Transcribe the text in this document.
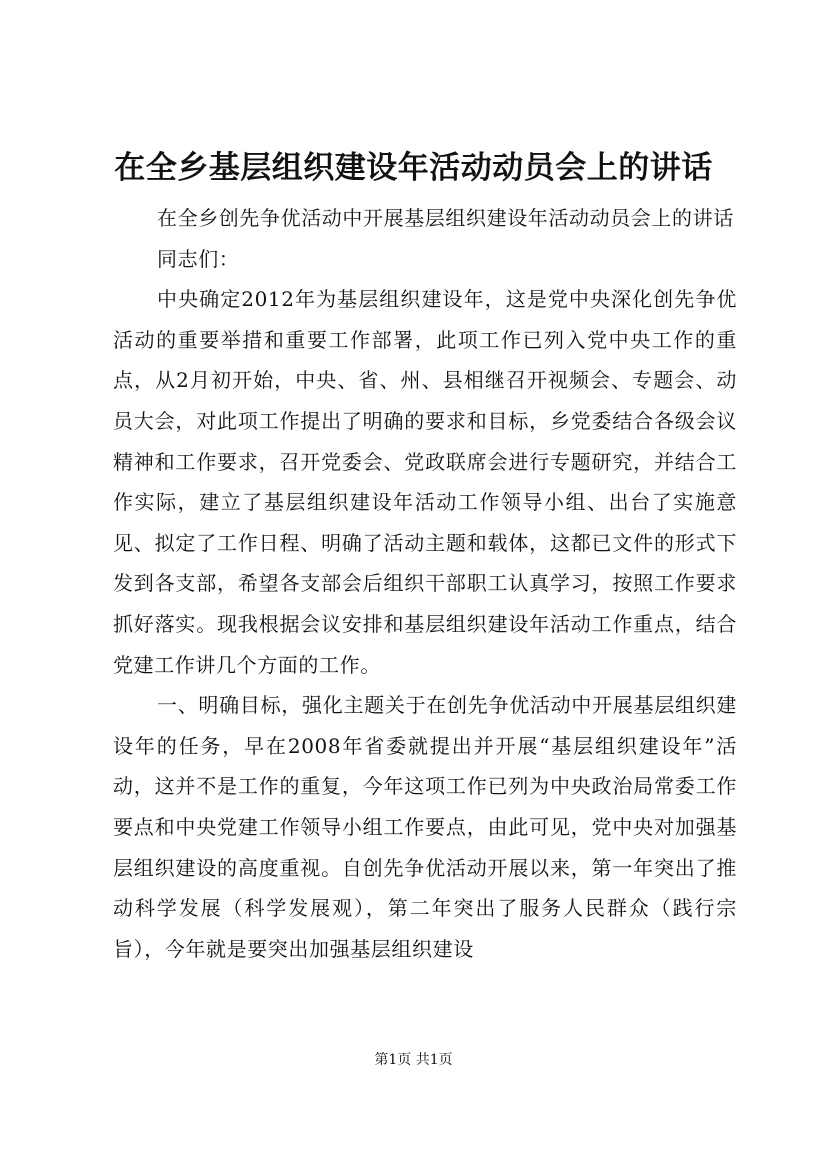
在全乡基层组织建设年活动动员会上的讲话

在全乡创先争优活动中开展基层组织建设年活动动员会上的讲话

同志们：

中央确定2012年为基层组织建设年，这是党中央深化创先争优活动的重要举措和重要工作部署，此项工作已列入党中央工作的重点，从2月初开始，中央、省、州、县相继召开视频会、专题会、动员大会，对此项工作提出了明确的要求和目标，乡党委结合各级会议精神和工作要求，召开党委会、党政联席会进行专题研究，并结合工作实际，建立了基层组织建设年活动工作领导小组、出台了实施意见、拟定了工作日程、明确了活动主题和载体，这都已文件的形式下发到各支部，希望各支部会后组织干部职工认真学习，按照工作要求抓好落实。现我根据会议安排和基层组织建设年活动工作重点，结合党建工作讲几个方面的工作。

一、明确目标，强化主题关于在创先争优活动中开展基层组织建设年的任务，早在2008年省委就提出并开展“基层组织建设年”活动，这并不是工作的重复，今年这项工作已列为中央政治局常委工作要点和中央党建工作领导小组工作要点，由此可见，党中央对加强基层组织建设的高度重视。自创先争优活动开展以来，第一年突出了推动科学发展（科学发展观），第二年突出了服务人民群众（践行宗旨），今年就是要突出加强基层组织建设

第1页 共1页
